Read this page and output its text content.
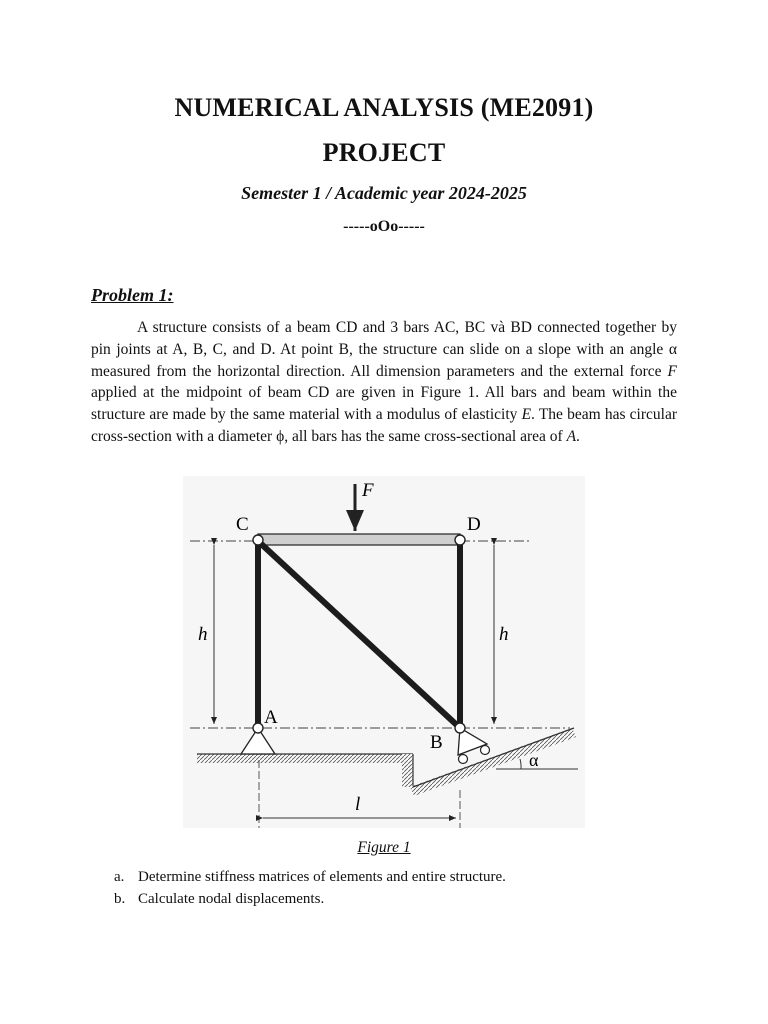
NUMERICAL ANALYSIS (ME2091)
PROJECT
Semester 1 / Academic year 2024-2025
-----oOo-----
Problem 1:

A structure consists of a beam CD and 3 bars AC, BC và BD connected together by pin joints at A, B, C, and D. At point B, the structure can slide on a slope with an angle α measured from the horizontal direction. All dimension parameters and the external force F applied at the midpoint of beam CD are given in Figure 1. All bars and beam within the structure are made by the same material with a modulus of elasticity E. The beam has circular cross-section with a diameter ϕ, all bars has the same cross-sectional area of A.

F
C	D
A
B
h	h
l
α
Figure 1
a. Determine stiffness matrices of elements and entire structure.
b. Calculate nodal displacements.
